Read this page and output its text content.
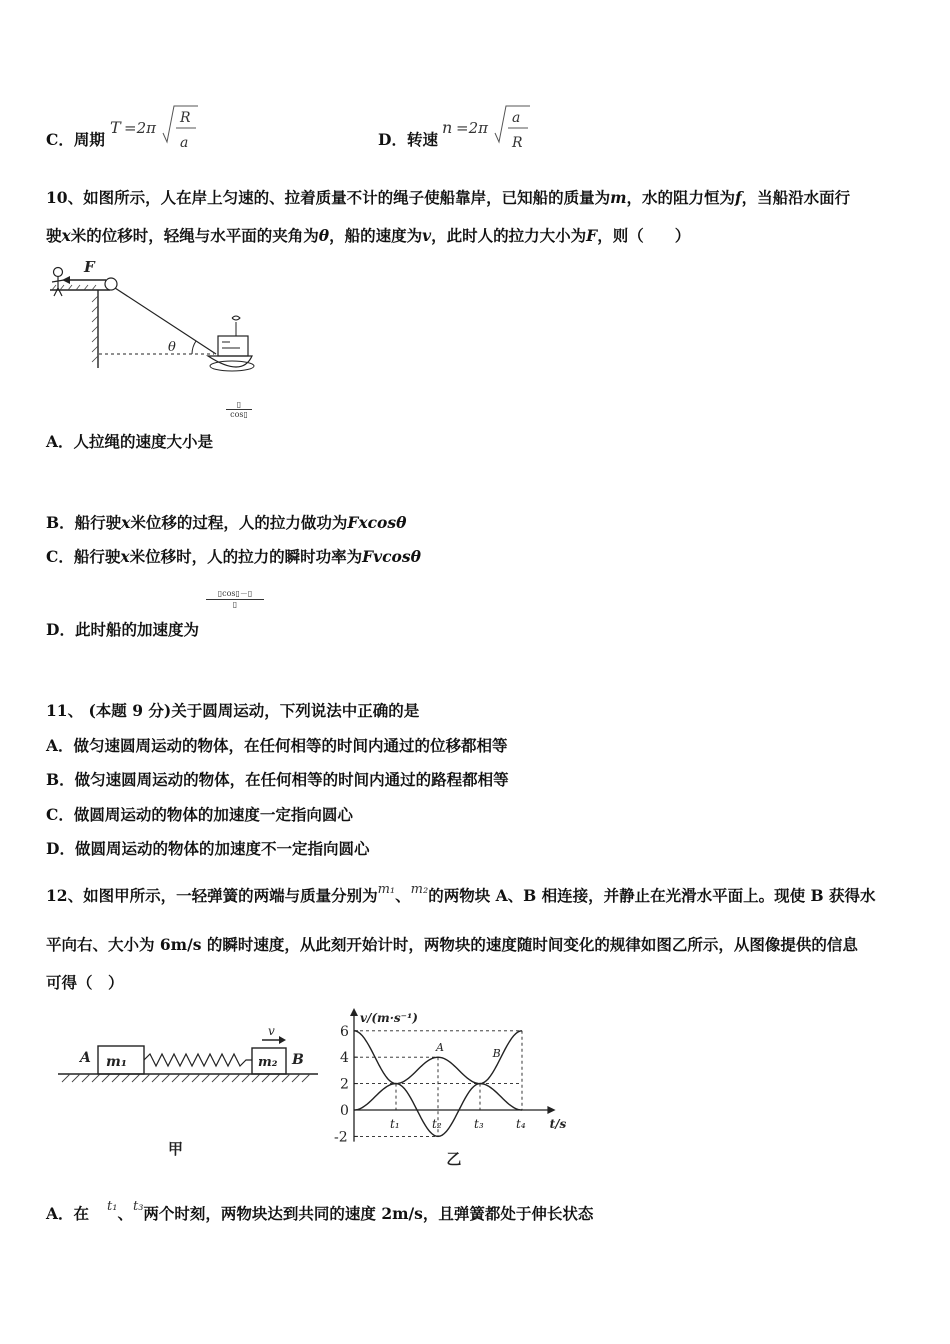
C．周期
T =2π
R
a	D．转速
n =2π
a
R
10、如图所示，人在岸上匀速的、拉着质量不计的绳子使船靠岸，已知船的质量为m，水的阻力恒为f，当船沿水面行
驶x米的位移时，轻绳与水平面的夹角为θ，船的速度为v，此时人的拉力大小为F，则（　　）
F
θ
▯
cos▯
A．人拉绳的速度大小是
B．船行驶x米位移的过程，人的拉力做功为Fxcosθ
C．船行驶x米位移时，人的拉力的瞬时功率为Fvcosθ
▯cos▯－▯
▯
D．此时船的加速度为
11、 (本题 9 分)关于圆周运动，下列说法中正确的是
A．做匀速圆周运动的物体，在任何相等的时间内通过的位移都相等
B．做匀速圆周运动的物体，在任何相等的时间内通过的路程都相等
C．做圆周运动的物体的加速度一定指向圆心
D．做圆周运动的物体的加速度不一定指向圆心
12、如图甲所示，一轻弹簧的两端与质量分别为$^{m_1}$、$^{m_2}$的两物块 A、B 相连接，并静止在光滑水平面上。现使 B 获得水
平向右、大小为 6m/s 的瞬时速度，从此刻开始计时，两物块的速度随时间变化的规律如图乙所示，从图像提供的信息
可得（　）
m₁
A	m₂ B
v
甲
v/(m·s⁻¹)
t/s
6
4
2
0
-2
t₁	t₂	t₃	t₄
A	B
乙
A．在 $^{t_1}$、$^{t_3}$两个时刻，两物块达到共同的速度 2m/s，且弹簧都处于伸长状态
